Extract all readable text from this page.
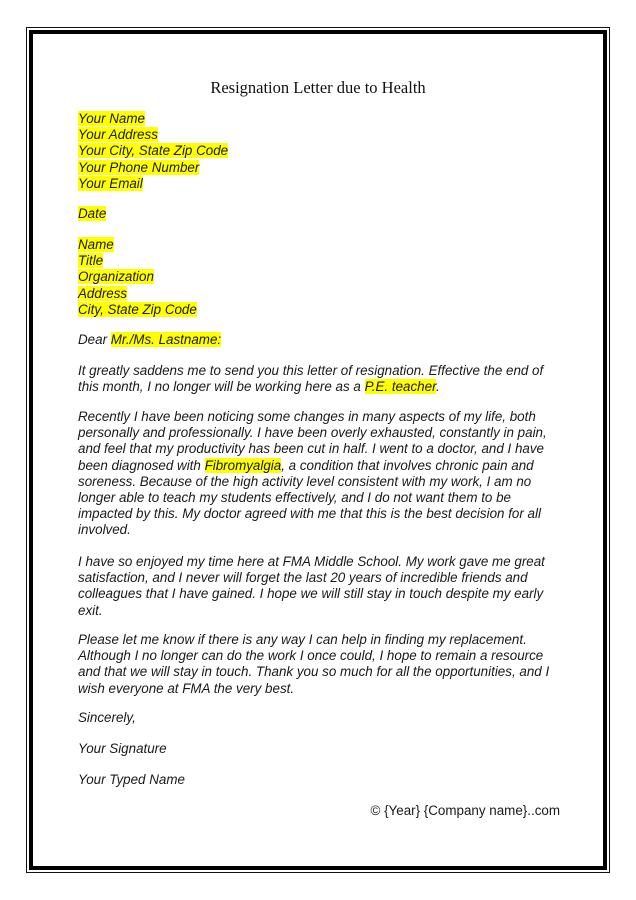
Resignation Letter due to Health
Your Name
Your Address
Your City, State Zip Code
Your Phone Number
Your Email
Date
Name
Title
Organization
Address
City, State Zip Code
Dear Mr./Ms. Lastname:

It greatly saddens me to send you this letter of resignation. Effective the end of this month, I no longer will be working here as a P.E. teacher.

Recently I have been noticing some changes in many aspects of my life, both personally and professionally. I have been overly exhausted, constantly in pain, and feel that my productivity has been cut in half. I went to a doctor, and I have been diagnosed with Fibromyalgia, a condition that involves chronic pain and soreness. Because of the high activity level consistent with my work, I am no longer able to teach my students effectively, and I do not want them to be impacted by this. My doctor agreed with me that this is the best decision for all involved.

I have so enjoyed my time here at FMA Middle School. My work gave me great satisfaction, and I never will forget the last 20 years of incredible friends and colleagues that I have gained. I hope we will still stay in touch despite my early exit.

Please let me know if there is any way I can help in finding my replacement. Although I no longer can do the work I once could, I hope to remain a resource and that we will stay in touch. Thank you so much for all the opportunities, and I wish everyone at FMA the very best.

Sincerely,
Your Signature
Your Typed Name
© {Year} {Company name}..com
